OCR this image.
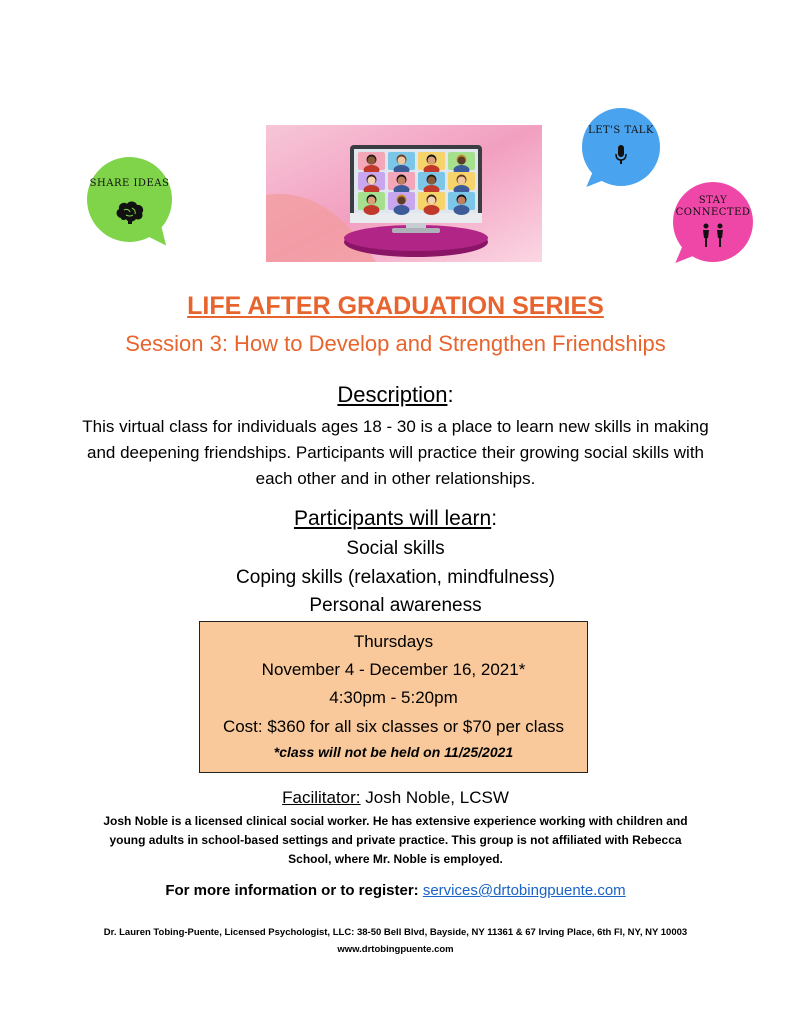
SHARE IDEAS
LET'S TALK
STAY
CONNECTED
LIFE AFTER GRADUATION SERIES
Session 3: How to Develop and Strengthen Friendships
Description:
This virtual class for individuals ages 18 - 30 is a place to learn new skills in making and deepening friendships. Participants will practice their growing social skills with each other and in other relationships.
Participants will learn:
Social skills
Coping skills (relaxation, mindfulness)
Personal awareness
Thursdays
November 4 - December 16, 2021*
4:30pm - 5:20pm
Cost: $360 for all six classes or $70 per class
*class will not be held on 11/25/2021
Facilitator: Josh Noble, LCSW
Josh Noble is a licensed clinical social worker. He has extensive experience working with children and young adults in school-based settings and private practice. This group is not affiliated with Rebecca School, where Mr. Noble is employed.
For more information or to register: services@drtobingpuente.com
Dr. Lauren Tobing-Puente, Licensed Psychologist, LLC: 38-50 Bell Blvd, Bayside, NY 11361 & 67 Irving Place, 6th Fl, NY, NY 10003
www.drtobingpuente.com
